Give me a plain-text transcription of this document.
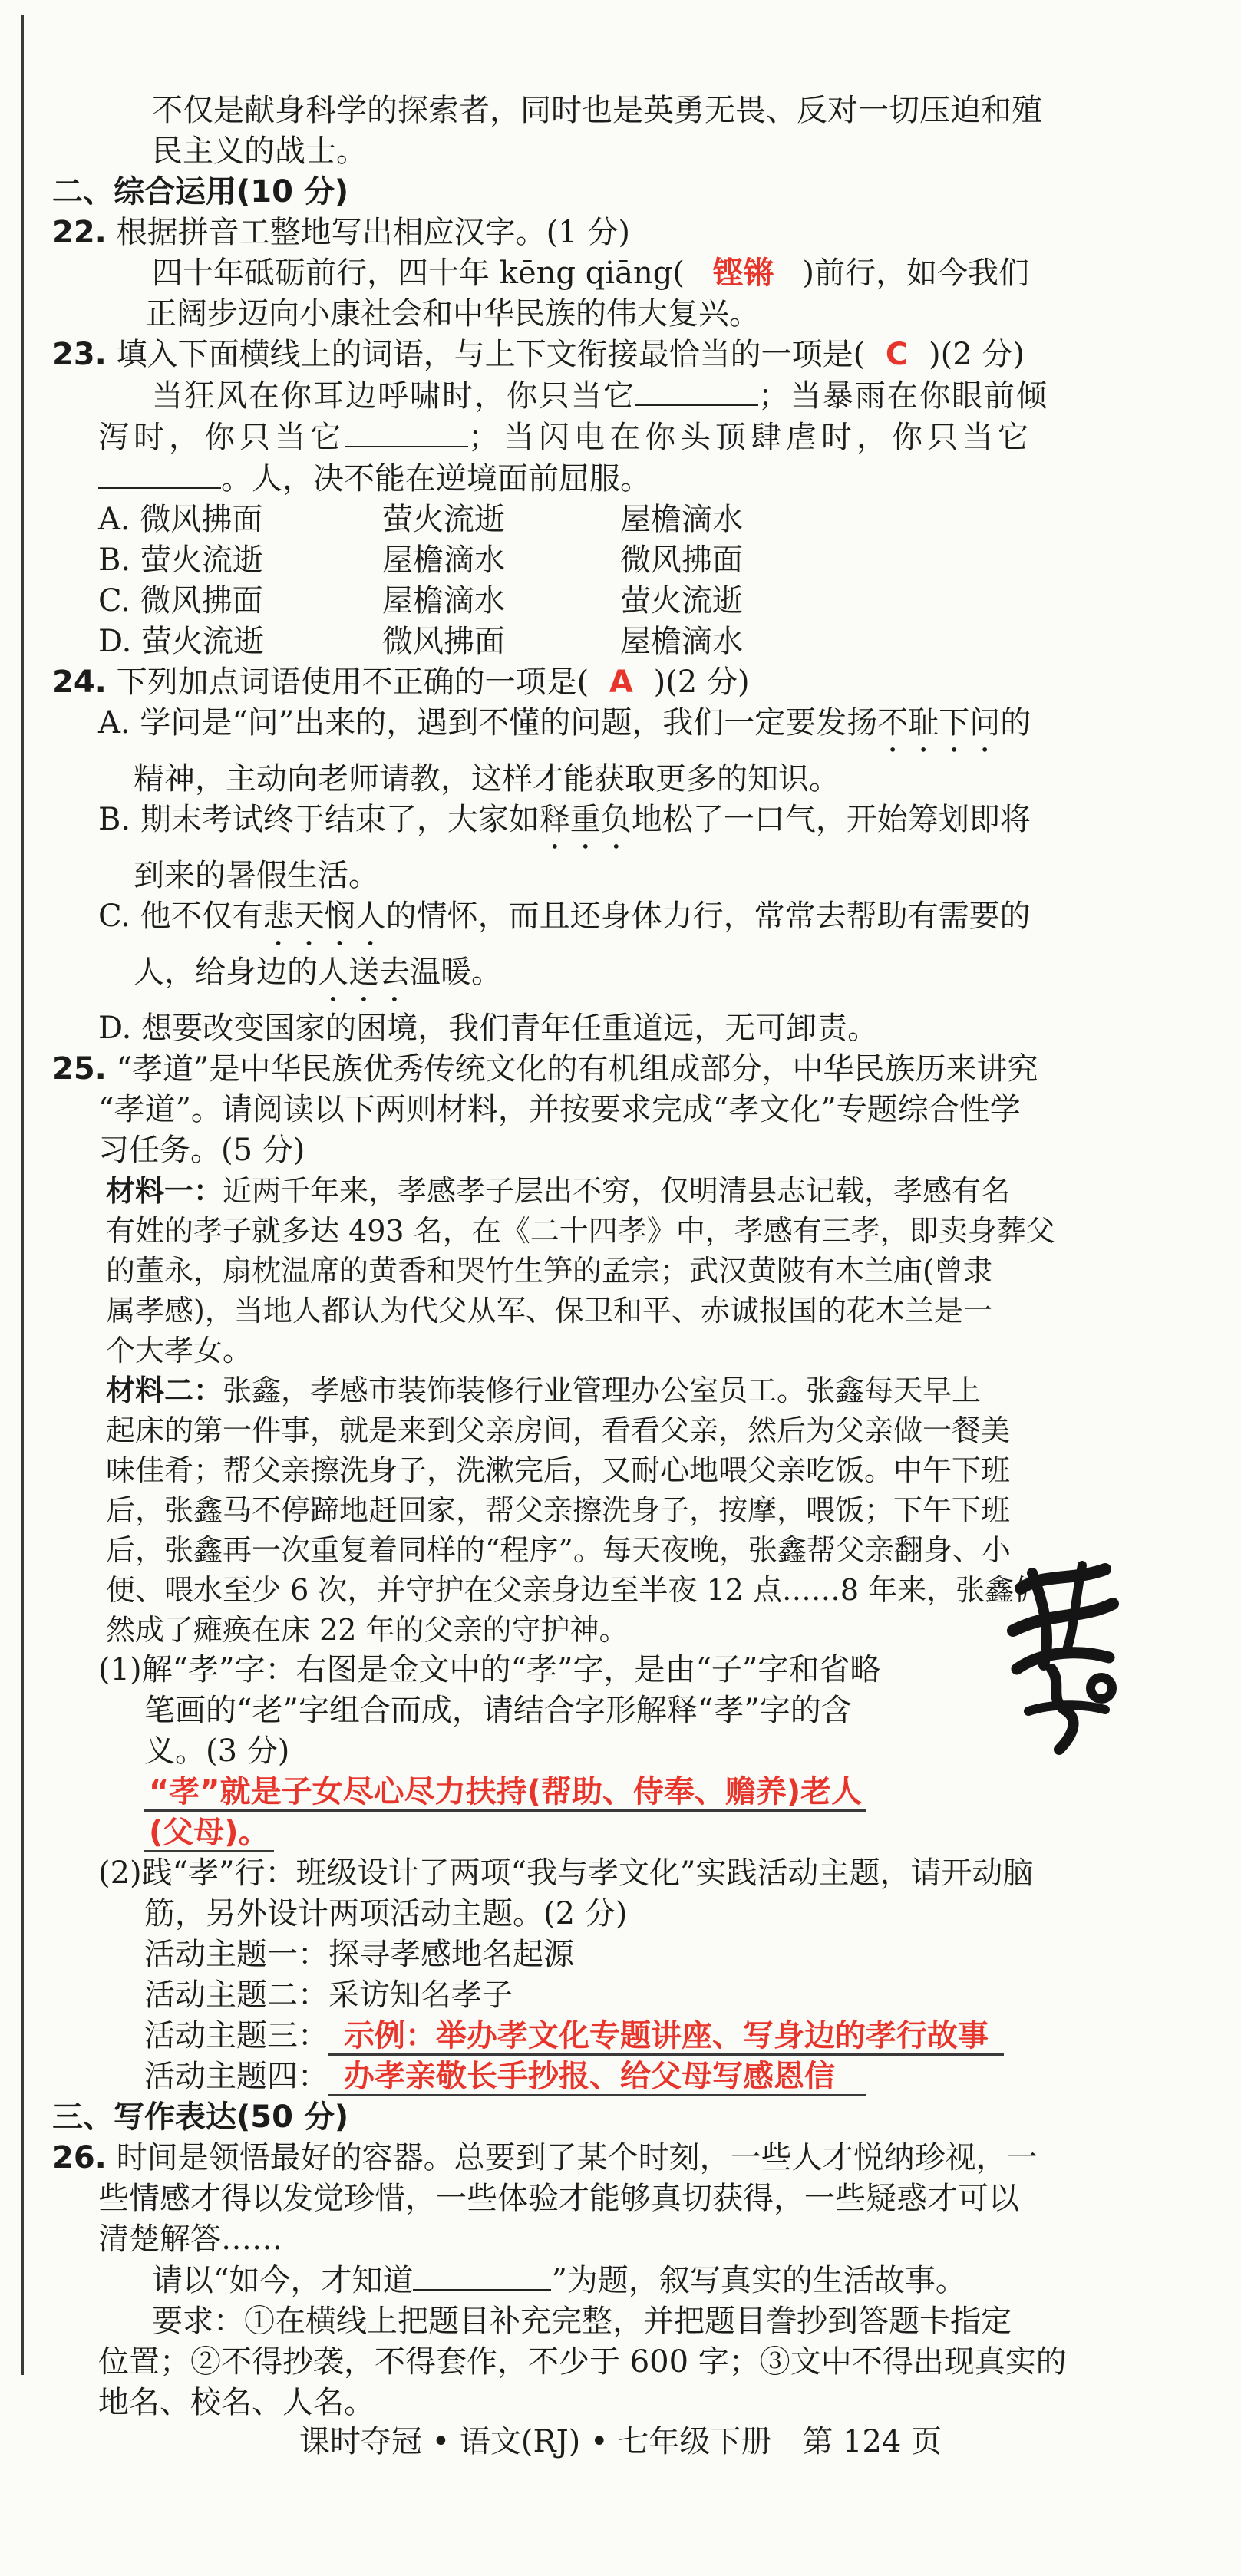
不仅是献身科学的探索者，同时也是英勇无畏、反对一切压迫和殖

民主义的战士。

二、综合运用(10 分)

22. 根据拼音工整地写出相应汉字。(1 分)

四十年砥砺前行，四十年 kēng qiāng( 铿锵 )前行，如今我们

正阔步迈向小康社会和中华民族的伟大复兴。

23. 填入下面横线上的词语，与上下文衔接最恰当的一项是( C )(2 分)

当狂风在你耳边呼啸时，你只当它	；当暴雨在你眼前倾

泻时，你只当它	；当闪电在你头顶肆虐时，你只当它

。人，决不能在逆境面前屈服。

A. 微风拂面	萤火流逝	屋檐滴水
B. 萤火流逝	屋檐滴水	微风拂面
C. 微风拂面	屋檐滴水	萤火流逝
D. 萤火流逝	微风拂面	屋檐滴水

24. 下列加点词语使用不正确的一项是( A )(2 分)

A. 学问是“问”出来的，遇到不懂的问题，我们一定要发扬不耻下问的

精神，主动向老师请教，这样才能获取更多的知识。

B. 期末考试终于结束了，大家如释重负地松了一口气，开始筹划即将

到来的暑假生活。

C. 他不仅有悲天悯人的情怀，而且还身体力行，常常去帮助有需要的

人，给身边的人送去温暖。

D. 想要改变国家的困境，我们青年任重道远，无可卸责。

25. “孝道”是中华民族优秀传统文化的有机组成部分，中华民族历来讲究

“孝道”。请阅读以下两则材料，并按要求完成“孝文化”专题综合性学

习任务。(5 分)

材料一：近两千年来，孝感孝子层出不穷，仅明清县志记载，孝感有名

有姓的孝子就多达 493 名，在《二十四孝》中，孝感有三孝，即卖身葬父

的董永，扇枕温席的黄香和哭竹生笋的孟宗；武汉黄陂有木兰庙(曾隶

属孝感)，当地人都认为代父从军、保卫和平、赤诚报国的花木兰是一

个大孝女。

材料二：张鑫，孝感市装饰装修行业管理办公室员工。张鑫每天早上

起床的第一件事，就是来到父亲房间，看看父亲，然后为父亲做一餐美

味佳肴；帮父亲擦洗身子，洗漱完后，又耐心地喂父亲吃饭。中午下班

后，张鑫马不停蹄地赶回家，帮父亲擦洗身子，按摩，喂饭；下午下班

后，张鑫再一次重复着同样的“程序”。每天夜晚，张鑫帮父亲翻身、小

便、喂水至少 6 次，并守护在父亲身边至半夜 12 点……8 年来，张鑫俨

然成了瘫痪在床 22 年的父亲的守护神。

(1)解“孝”字：右图是金文中的“孝”字，是由“子”字和省略

笔画的“老”字组合而成，请结合字形解释“孝”字的含

义。(3 分)

“孝”就是子女尽心尽力扶持(帮助、侍奉、赡养)老人

(父母)。

(2)践“孝”行：班级设计了两项“我与孝文化”实践活动主题，请开动脑

筋，另外设计两项活动主题。(2 分)

活动主题一：探寻孝感地名起源

活动主题二：采访知名孝子

活动主题三： 示例：举办孝文化专题讲座、写身边的孝行故事

活动主题四： 办孝亲敬长手抄报、给父母写感恩信

三、写作表达(50 分)

26. 时间是领悟最好的容器。总要到了某个时刻，一些人才悦纳珍视，一

些情感才得以发觉珍惜，一些体验才能够真切获得，一些疑惑才可以

清楚解答……

请以“如今，才知道	”为题，叙写真实的生活故事。

要求：①在横线上把题目补充完整，并把题目誊抄到答题卡指定

位置；②不得抄袭，不得套作，不少于 600 字；③文中不得出现真实的

地名、校名、人名。

课时夺冠 • 语文(RJ) • 七年级下册　第 124 页
